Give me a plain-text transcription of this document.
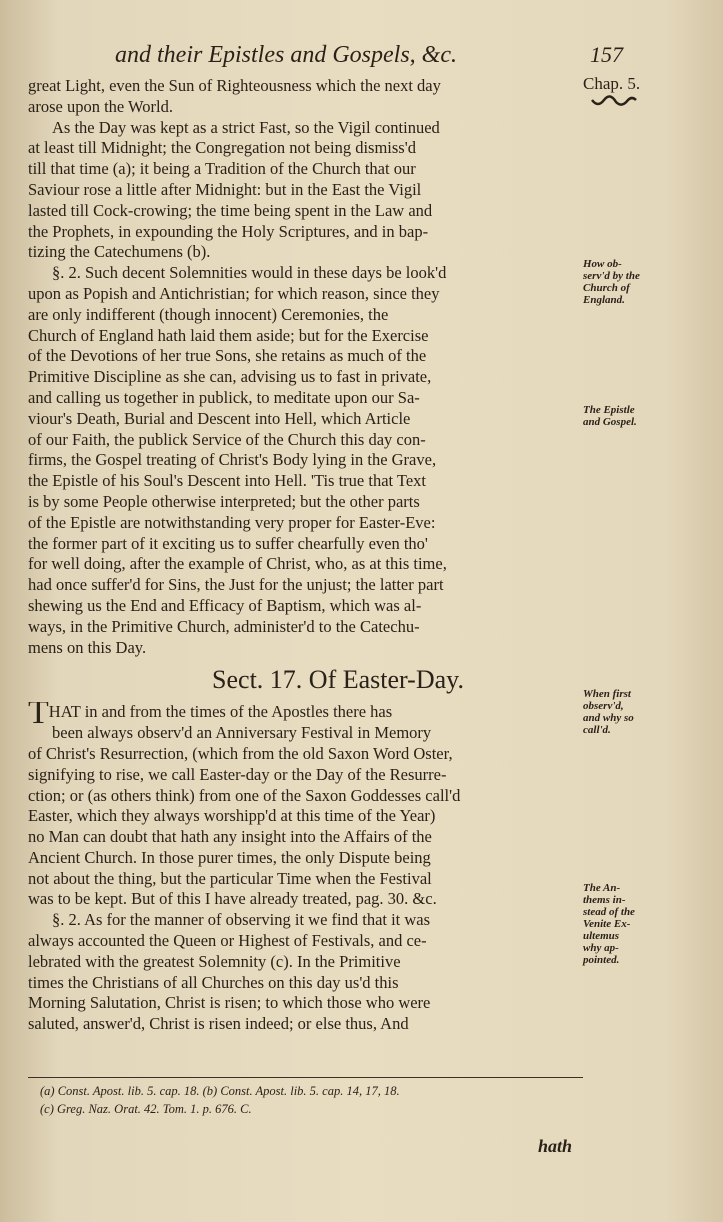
and their Epistles and Gospels, &c.	157
great Light, even the Sun of Righteousness which the next day
arose upon the World.
As the Day was kept as a strict Fast, so the Vigil continued
at least till Midnight; the Congregation not being dismiss'd
till that time (a); it being a Tradition of the Church that our
Saviour rose a little after Midnight: but in the East the Vigil
lasted till Cock-crowing; the time being spent in the Law and
the Prophets, in expounding the Holy Scriptures, and in bap-
tizing the Catechumens (b).
§. 2. Such decent Solemnities would in these days be look'd
upon as Popish and Antichristian; for which reason, since they
are only indifferent (though innocent) Ceremonies, the
Church of England hath laid them aside; but for the Exercise
of the Devotions of her true Sons, she retains as much of the
Primitive Discipline as she can, advising us to fast in private,
and calling us together in publick, to meditate upon our Sa-
viour's Death, Burial and Descent into Hell, which Article
of our Faith, the publick Service of the Church this day con-
firms, the Gospel treating of Christ's Body lying in the Grave,
the Epistle of his Soul's Descent into Hell. 'Tis true that Text
is by some People otherwise interpreted; but the other parts
of the Epistle are notwithstanding very proper for Easter-Eve:
the former part of it exciting us to suffer chearfully even tho'
for well doing, after the example of Christ, who, as at this time,
had once suffer'd for Sins, the Just for the unjust; the latter part
shewing us the End and Efficacy of Baptism, which was al-
ways, in the Primitive Church, administer'd to the Catechu-
mens on this Day.
Sect. 17. Of Easter-Day.
THAT in and from the times of the Apostles there has
been always observ'd an Anniversary Festival in Memory
of Christ's Resurrection, (which from the old Saxon Word Oster,
signifying to rise, we call Easter-day or the Day of the Resurre-
ction; or (as others think) from one of the Saxon Goddesses call'd
Easter, which they always worshipp'd at this time of the Year)
no Man can doubt that hath any insight into the Affairs of the
Ancient Church. In those purer times, the only Dispute being
not about the thing, but the particular Time when the Festival
was to be kept. But of this I have already treated, pag. 30. &c.
§. 2. As for the manner of observing it we find that it was
always accounted the Queen or Highest of Festivals, and ce-
lebrated with the greatest Solemnity (c). In the Primitive
times the Christians of all Churches on this day us'd this
Morning Salutation, Christ is risen; to which those who were
saluted, answer'd, Christ is risen indeed; or else thus, And
Chap. 5.
How ob-
serv'd by the
Church of
England.
The Epistle
and Gospel.
When first
observ'd,
and why so
call'd.
The An-
thems in-
stead of the
Venite Ex-
ultemus
why ap-
pointed.
(a) Const. Apost. lib. 5. cap. 18. (b) Const. Apost. lib. 5. cap. 14, 17, 18.
(c) Greg. Naz. Orat. 42. Tom. 1. p. 676. C.
hath
